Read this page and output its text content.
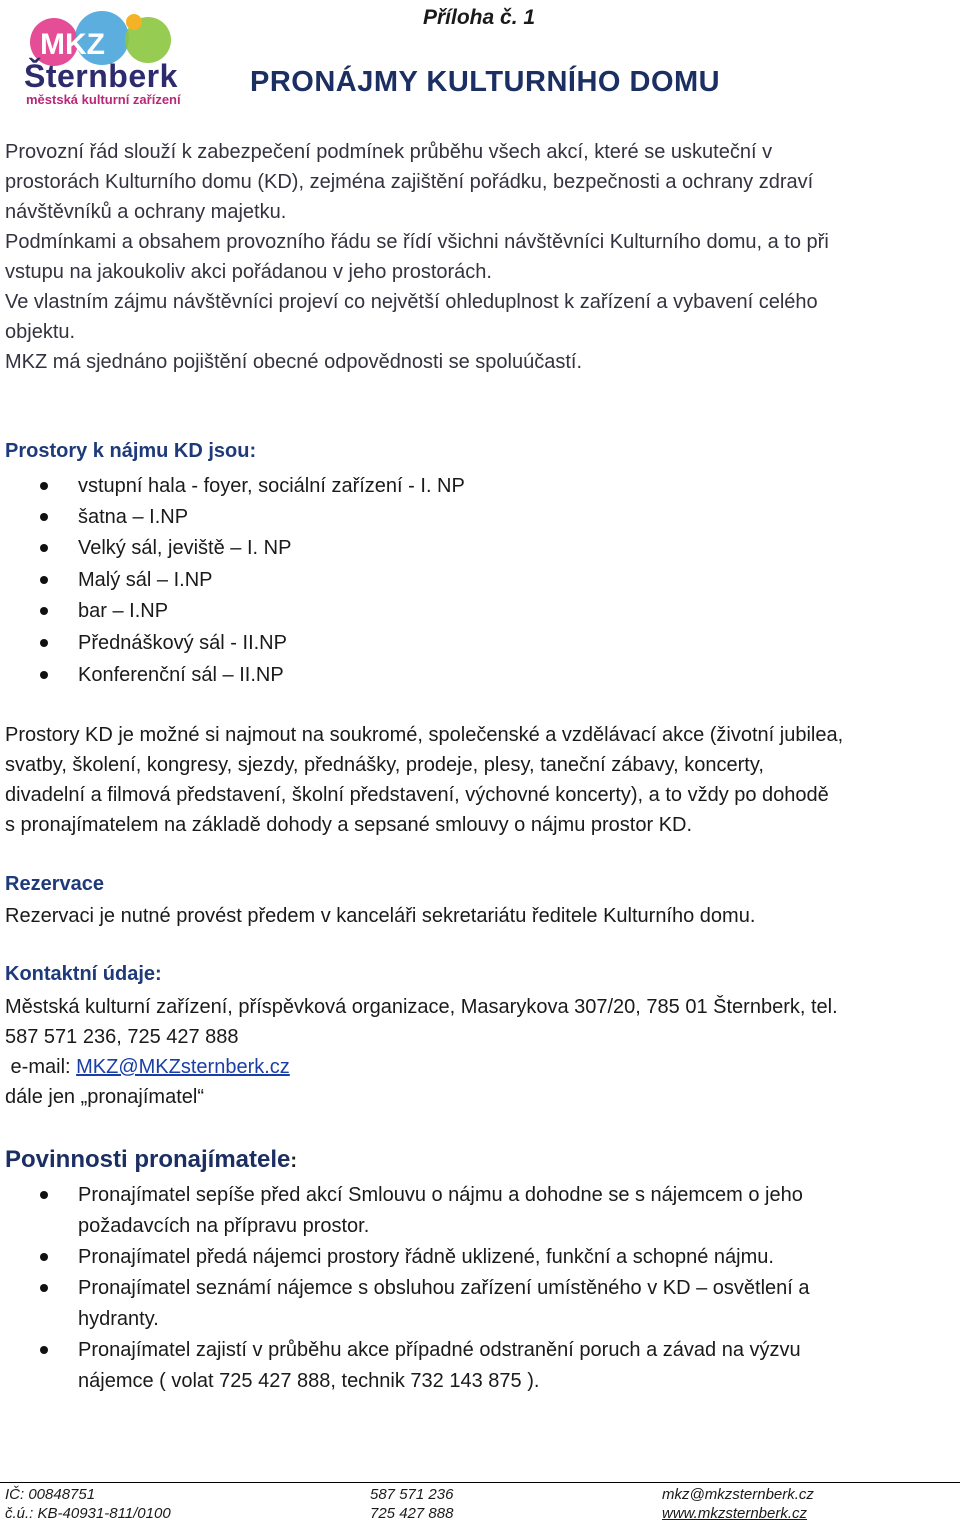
MKZ
Šternberk
městská kulturní zařízení
Příloha č. 1
PRONÁJMY KULTURNÍHO DOMU
Provozní řád slouží k zabezpečení podmínek průběhu všech akcí, které se uskuteční v
prostorách Kulturního domu (KD), zejména zajištění pořádku, bezpečnosti a ochrany zdraví
návštěvníků a ochrany majetku.
Podmínkami a obsahem provozního řádu se řídí všichni návštěvníci Kulturního domu, a to při
vstupu na jakoukoliv akci pořádanou v jeho prostorách.
Ve vlastním zájmu návštěvníci projeví co největší ohleduplnost k zařízení a vybavení celého
objektu.
MKZ má sjednáno pojištění obecné odpovědnosti se spoluúčastí.
Prostory k nájmu KD jsou:
vstupní hala - foyer, sociální zařízení - I. NP
šatna – I.NP
Velký sál, jeviště – I. NP
Malý sál – I.NP
bar – I.NP
Přednáškový sál - II.NP
Konferenční sál – II.NP
Prostory KD je možné si najmout na soukromé, společenské a vzdělávací akce (životní jubilea,
svatby, školení, kongresy, sjezdy, přednášky, prodeje, plesy, taneční zábavy, koncerty,
divadelní a filmová představení, školní představení, výchovné koncerty), a to vždy po dohodě
s pronajímatelem na základě dohody a sepsané smlouvy o nájmu prostor KD.
Rezervace
Rezervaci je nutné provést předem v kanceláři sekretariátu ředitele Kulturního domu.
Kontaktní údaje:
Městská kulturní zařízení, příspěvková organizace, Masarykova 307/20, 785 01 Šternberk, tel.
587 571 236, 725 427 888
e-mail: MKZ@MKZsternberk.cz
dále jen „pronajímatel“
Povinnosti pronajímatele:
Pronajímatel sepíše před akcí Smlouvu o nájmu a dohodne se s nájemcem o jeho
požadavcích na přípravu prostor.
Pronajímatel předá nájemci prostory řádně uklizené, funkční a schopné nájmu.
Pronajímatel seznámí nájemce s obsluhou zařízení umístěného v KD – osvětlení a
hydranty.
Pronajímatel zajistí v průběhu akce případné odstranění poruch a závad na výzvu
nájemce ( volat 725 427 888, technik 732 143 875 ).
IČ: 00848751
č.ú.: KB-40931-811/0100
587 571 236
725 427 888
mkz@mkzsternberk.cz
www.mkzsternberk.cz
